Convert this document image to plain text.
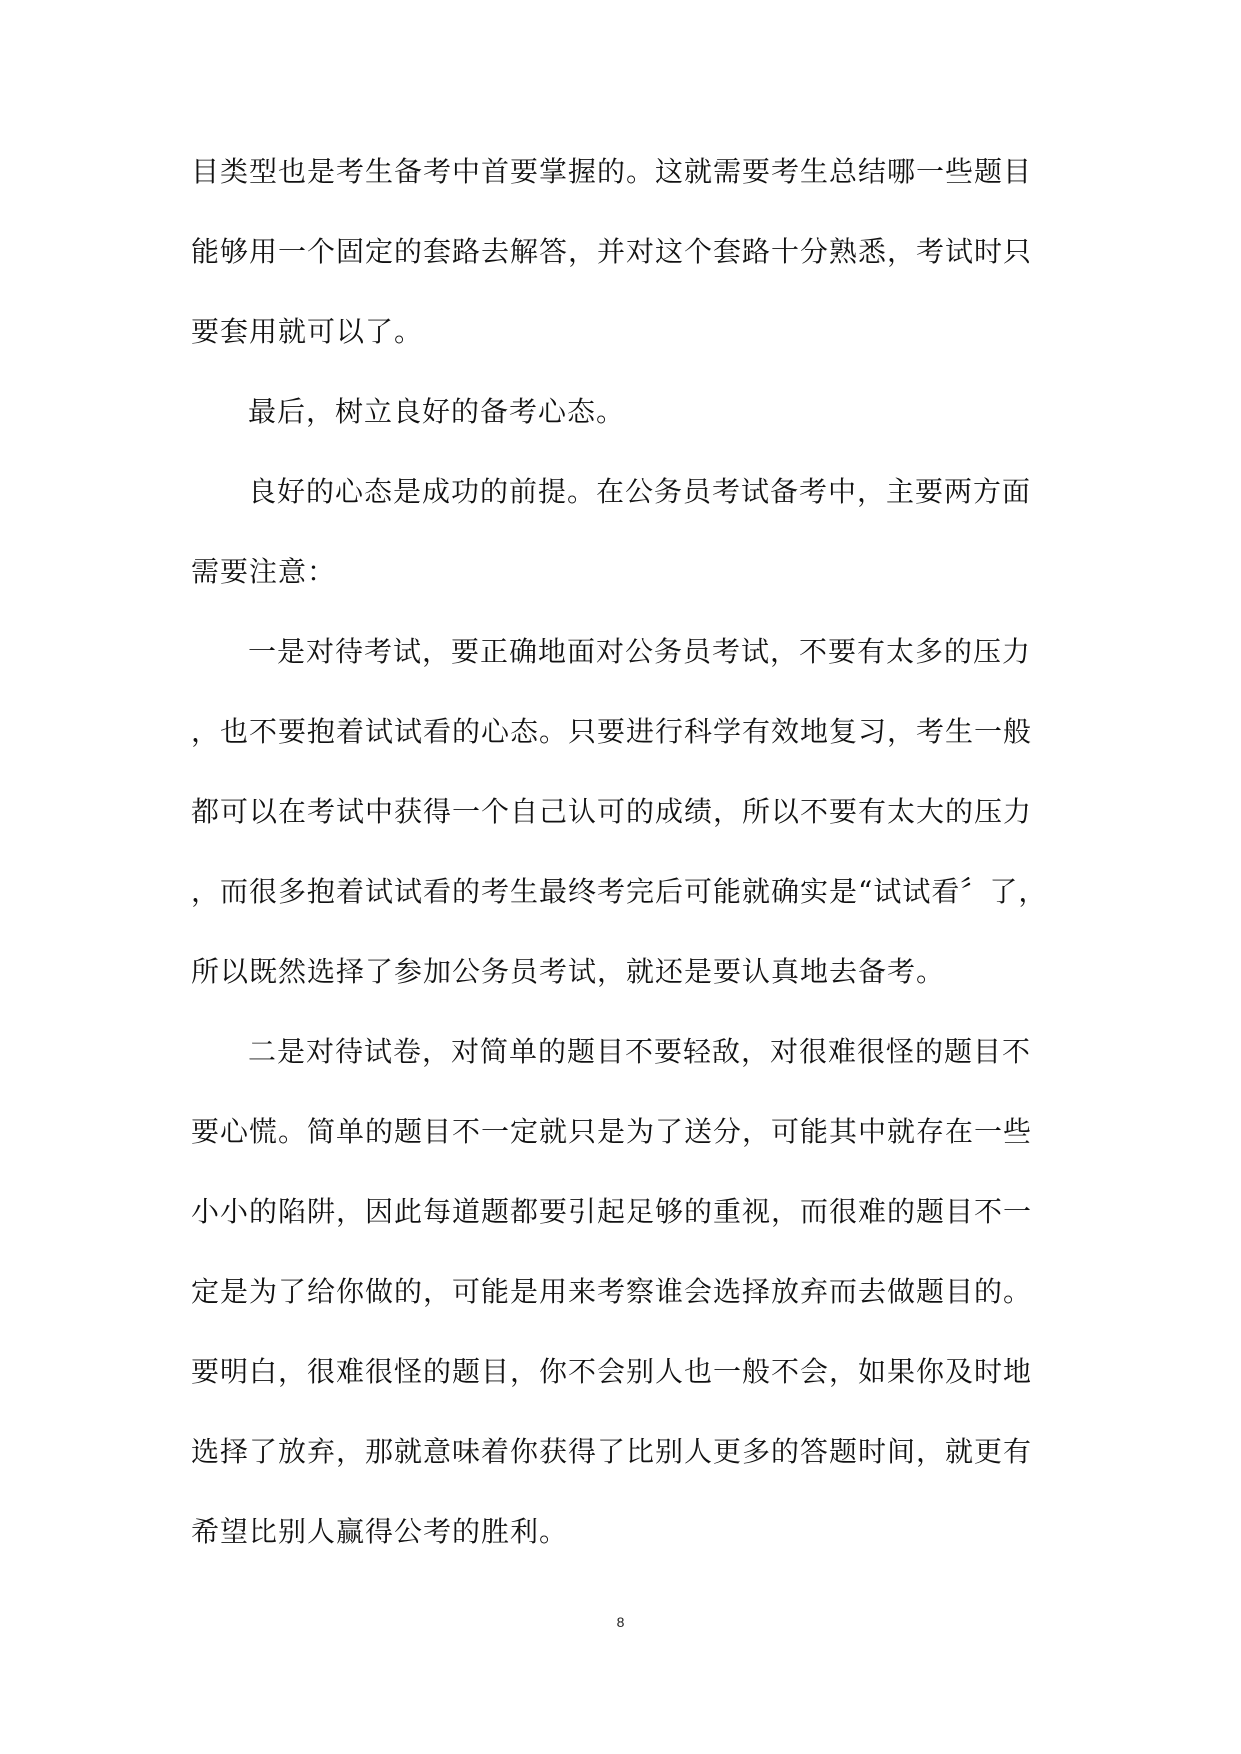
目类型也是考生备考中首要掌握的。这就需要考生总结哪一些题目
能够用一个固定的套路去解答，并对这个套路十分熟悉，考试时只
要套用就可以了。
最后，树立良好的备考心态。
良好的心态是成功的前提。在公务员考试备考中，主要两方面
需要注意：
一是对待考试，要正确地面对公务员考试，不要有太多的压力
，也不要抱着试试看的心态。只要进行科学有效地复习，考生一般
都可以在考试中获得一个自己认可的成绩，所以不要有太大的压力
，而很多抱着试试看的考生最终考完后可能就确实是“试试看〞了，
所以既然选择了参加公务员考试，就还是要认真地去备考。
二是对待试卷，对简单的题目不要轻敌，对很难很怪的题目不
要心慌。简单的题目不一定就只是为了送分，可能其中就存在一些
小小的陷阱，因此每道题都要引起足够的重视，而很难的题目不一
定是为了给你做的，可能是用来考察谁会选择放弃而去做题目的。
要明白，很难很怪的题目，你不会别人也一般不会，如果你及时地
选择了放弃，那就意味着你获得了比别人更多的答题时间，就更有
希望比别人赢得公考的胜利。
8
